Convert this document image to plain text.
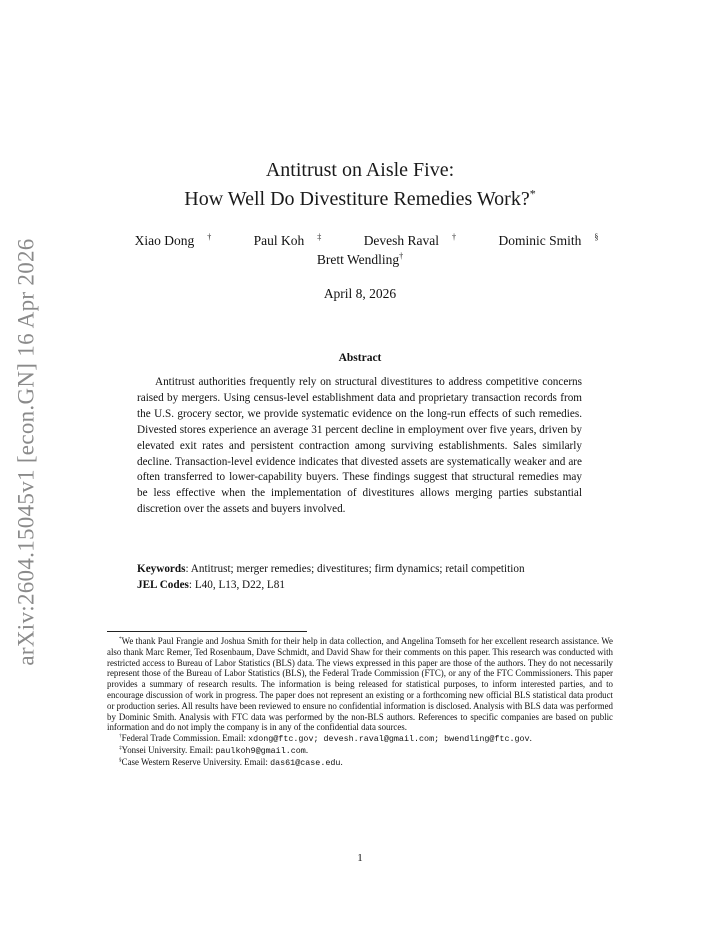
arXiv:2604.15045v1 [econ.GN] 16 Apr 2026
Antitrust on Aisle Five:
How Well Do Divestiture Remedies Work?*
Xiao Dong †	Paul Koh ‡	Devesh Raval †	Dominic Smith §
Brett Wendling†
April 8, 2026
Abstract
Antitrust authorities frequently rely on structural divestitures to address competitive concerns raised by mergers. Using census-level establishment data and proprietary transaction records from the U.S. grocery sector, we provide systematic evidence on the long-run effects of such remedies. Divested stores experience an average 31 percent decline in employment over five years, driven by elevated exit rates and persistent contraction among surviving establishments. Sales similarly decline. Transaction-level evidence indicates that divested assets are systematically weaker and are often transferred to lower-capability buyers. These findings suggest that structural remedies may be less effective when the implementation of divestitures allows merging parties substantial discretion over the assets and buyers involved.
Keywords: Antitrust; merger remedies; divestitures; firm dynamics; retail competition
JEL Codes: L40, L13, D22, L81
*We thank Paul Frangie and Joshua Smith for their help in data collection, and Angelina Tomseth for her excellent research assistance. We also thank Marc Remer, Ted Rosenbaum, Dave Schmidt, and David Shaw for their comments on this paper. This research was conducted with restricted access to Bureau of Labor Statistics (BLS) data. The views expressed in this paper are those of the authors. They do not necessarily represent those of the Bureau of Labor Statistics (BLS), the Federal Trade Commission (FTC), or any of the FTC Commissioners. This paper provides a summary of research results. The information is being released for statistical purposes, to inform interested parties, and to encourage discussion of work in progress. The paper does not represent an existing or a forthcoming new official BLS statistical data product or production series. All results have been reviewed to ensure no confidential information is disclosed. Analysis with BLS data was performed by Dominic Smith. Analysis with FTC data was performed by the non-BLS authors. References to specific companies are based on public information and do not imply the company is in any of the confidential data sources.
†Federal Trade Commission. Email: xdong@ftc.gov; devesh.raval@gmail.com; bwendling@ftc.gov.
‡Yonsei University. Email: paulkoh9@gmail.com.
§Case Western Reserve University. Email: das61@case.edu.
1
